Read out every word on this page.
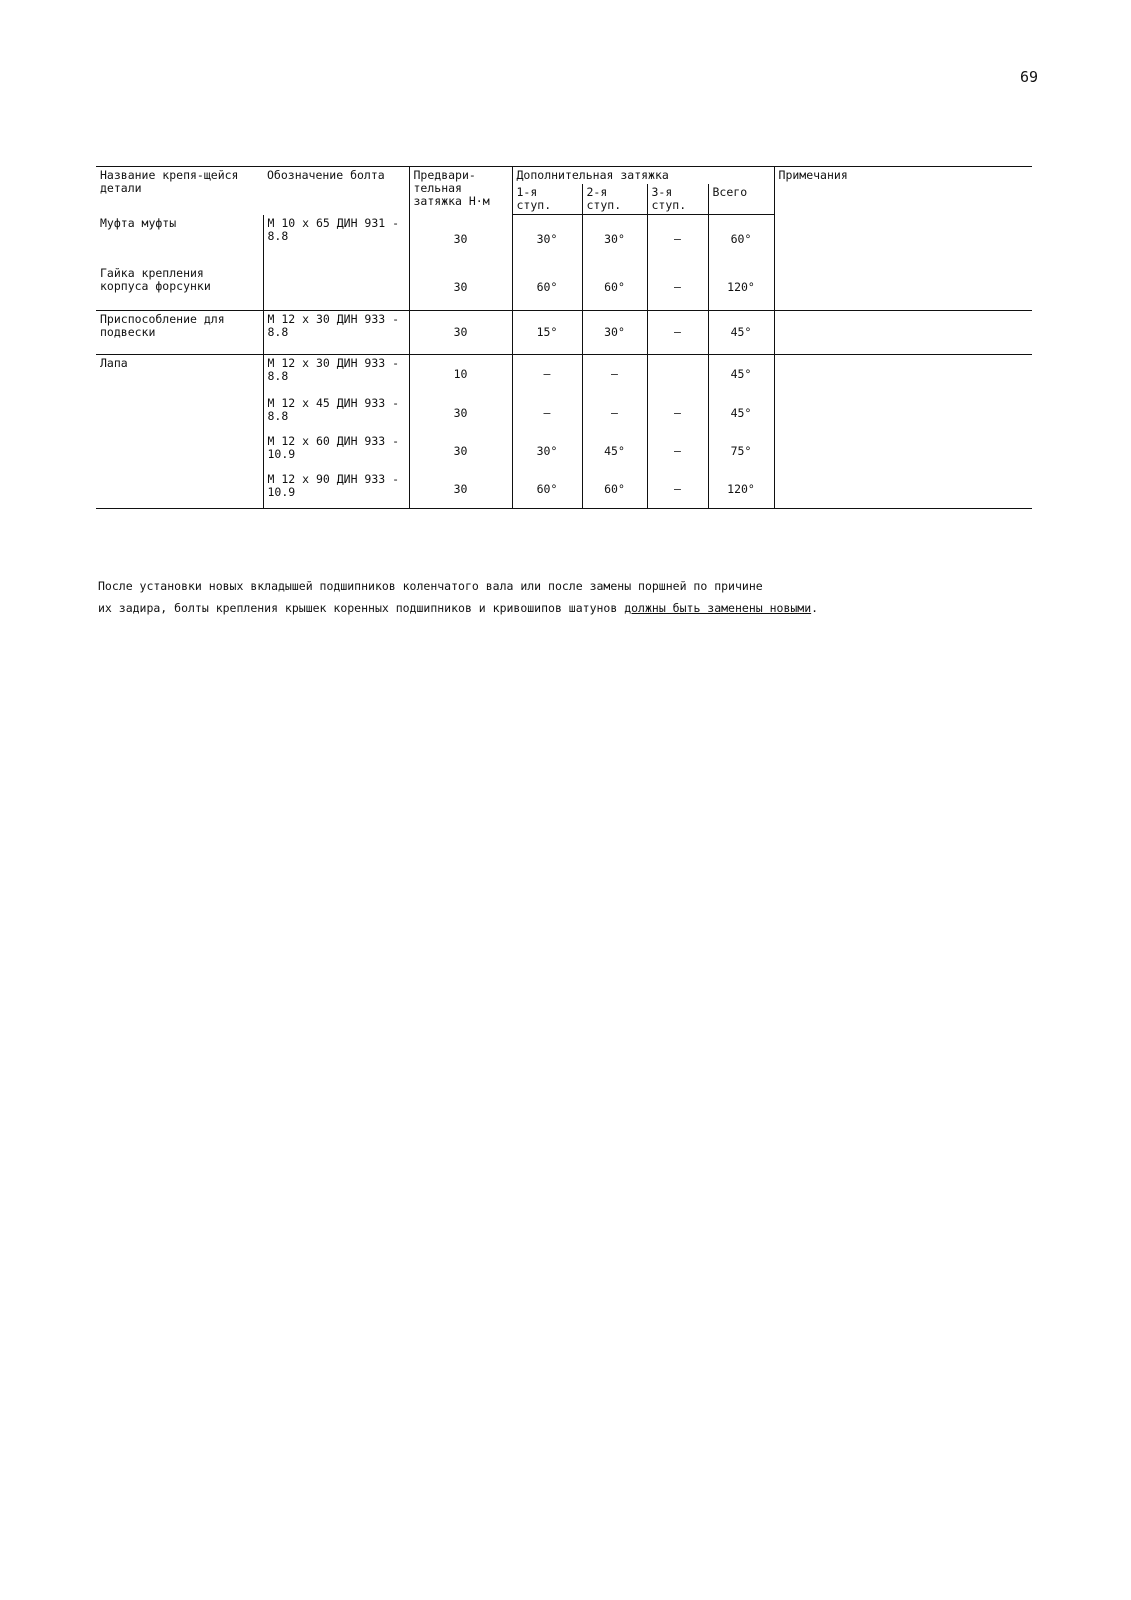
69
Название крепя-щейся детали	Обозначение болта	Предвари-тельная затяжка Н·м	Дополнительная затяжка				Примечания
			1-я ступ.	2-я ступ.	3-я ступ.	Всего	
Муфта муфты	М 10 х 65 ДИН 931 - 8.8	30	30°	30°	—	60°	
Гайка крепления корпуса форсунки		30	60°	60°	—	120°	
Приспособление для подвески	М 12 х 30 ДИН 933 - 8.8	30	15°	30°	—	45°	
Лапа	М 12 х 30 ДИН 933 - 8.8	10	—	—		45°	
	М 12 х 45 ДИН 933 - 8.8	30	—	—	—	45°	
	М 12 х 60 ДИН 933 - 10.9	30	30°	45°	—	75°	
	М 12 х 90 ДИН 933 - 10.9	30	60°	60°	—	120°	

После установки новых вкладышей подшипников коленчатого вала или после замены поршней по причине
их задира, болты крепления крышек коренных подшипников и кривошипов шатунов должны быть заменены новыми.
